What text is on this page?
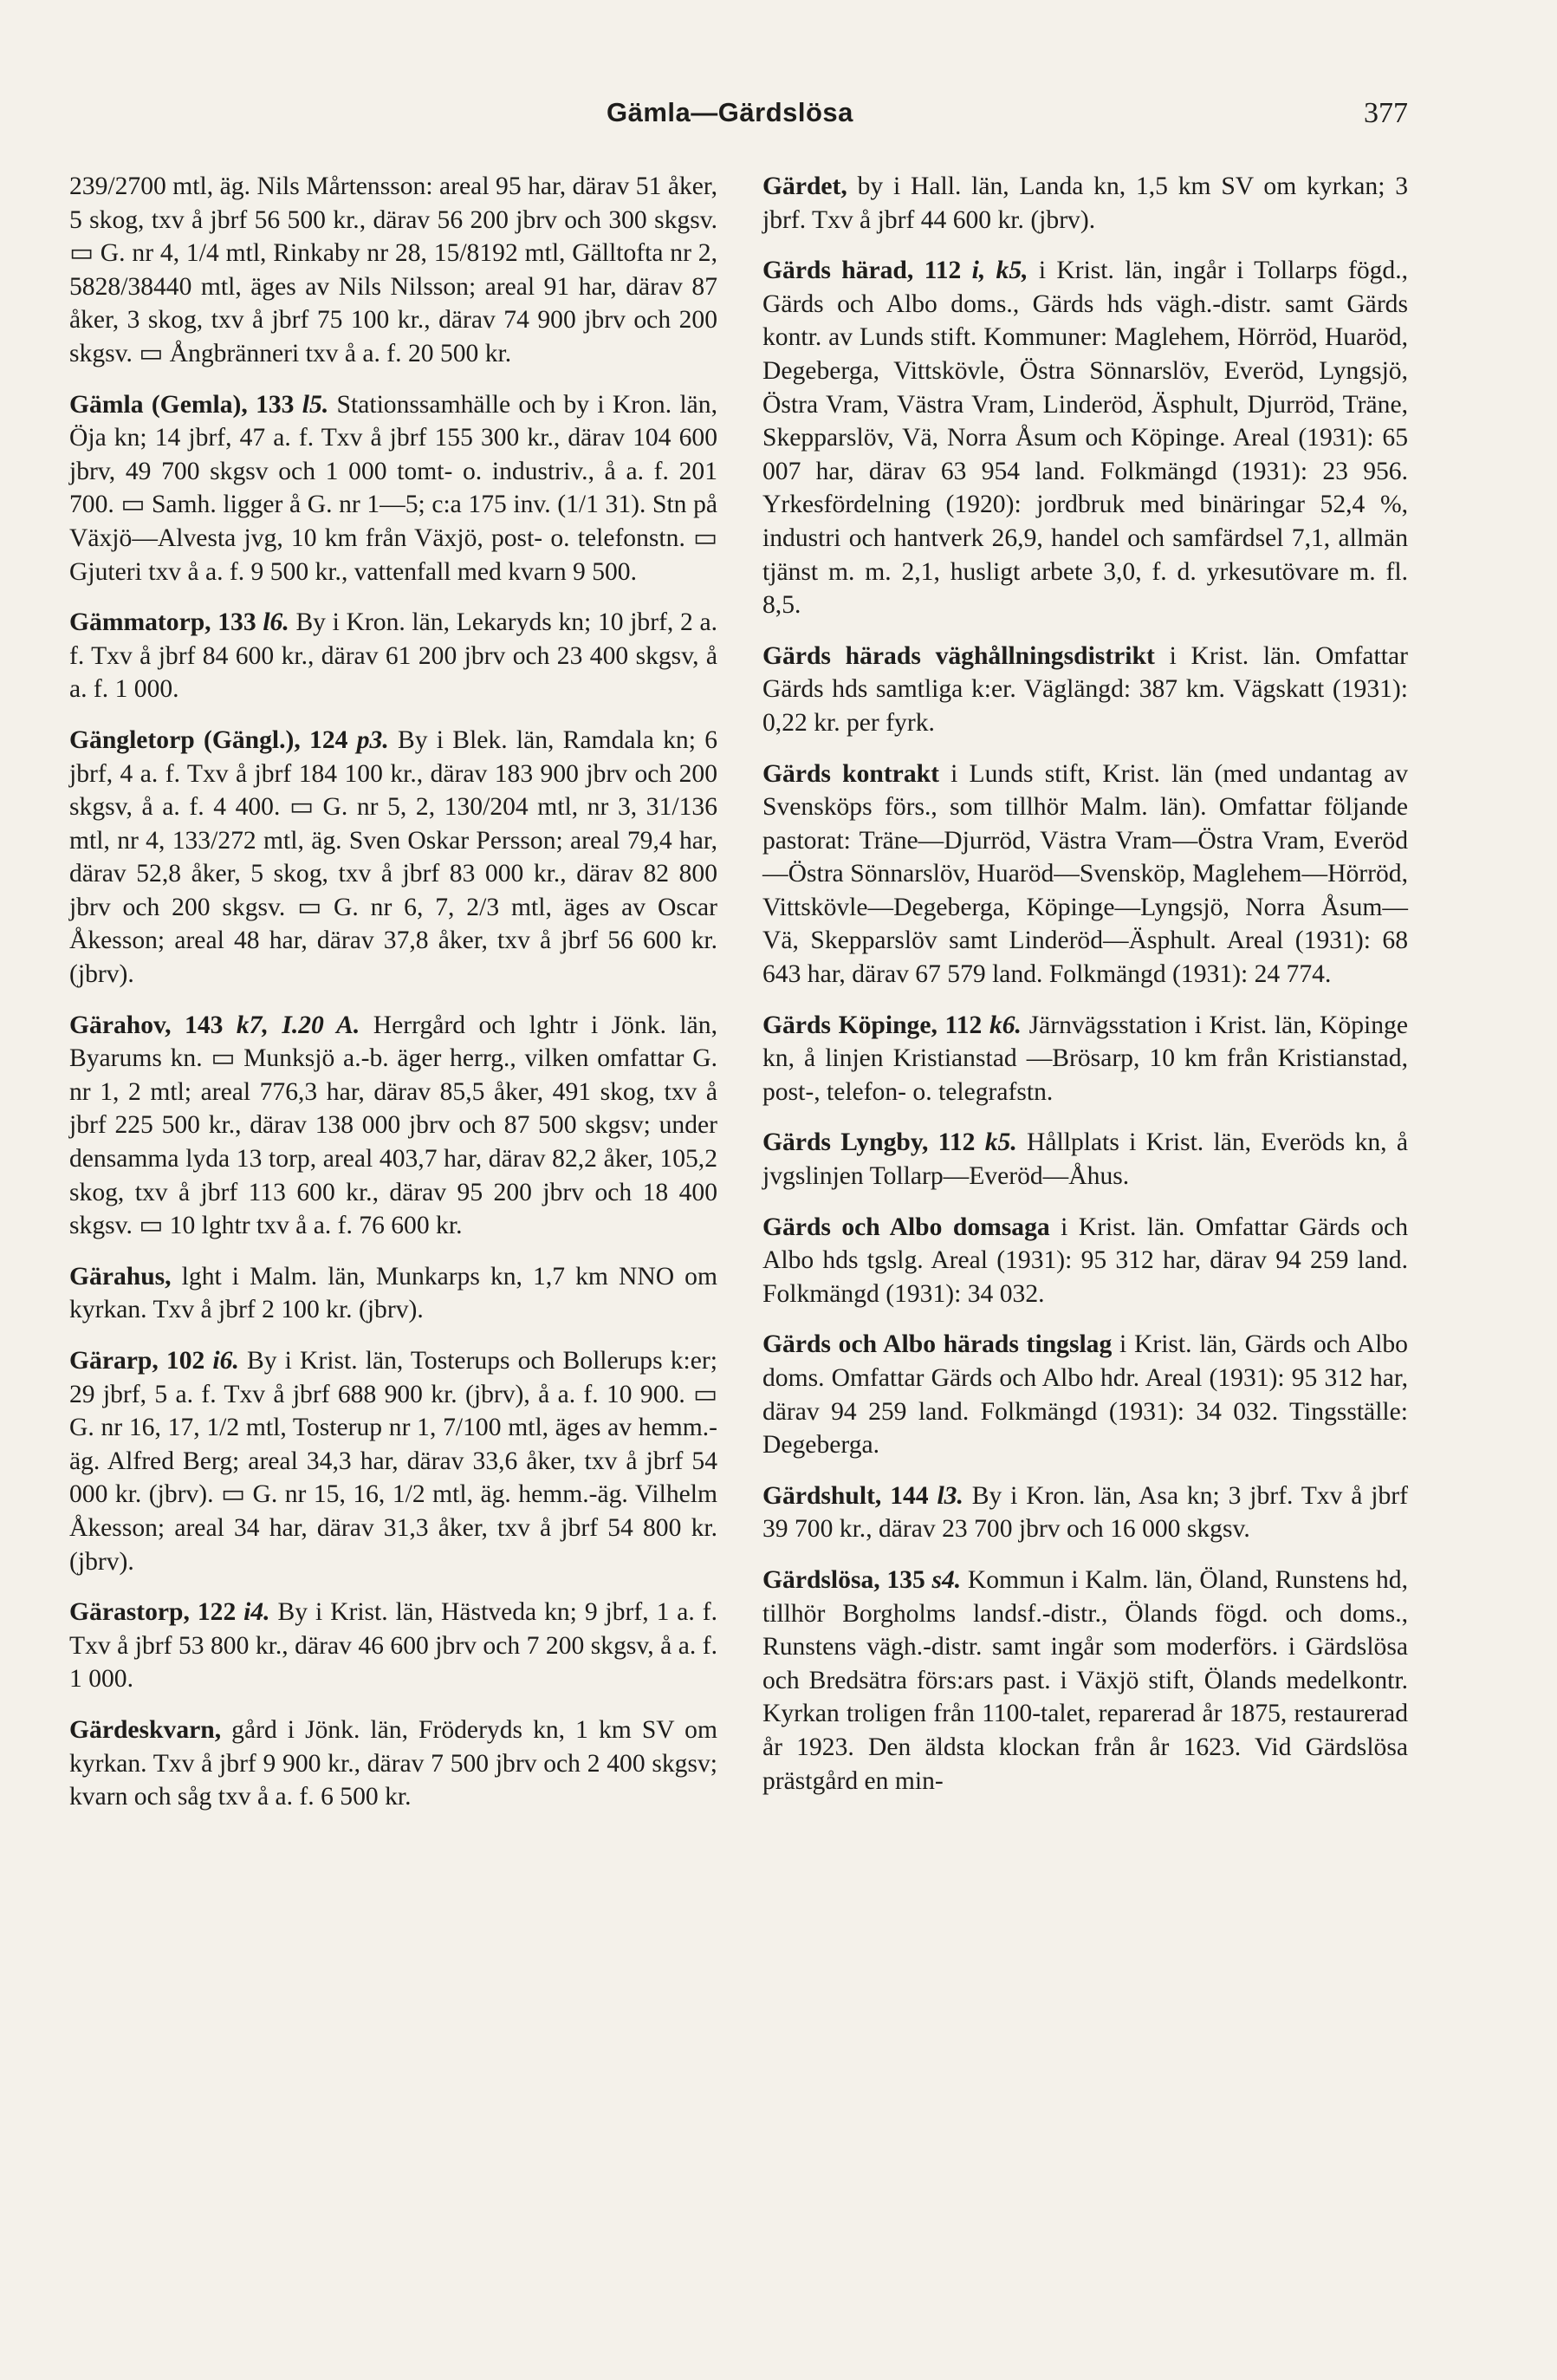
Gämla—Gärdslösa	377

239/2700 mtl, äg. Nils Mårtensson: areal 95 har, därav 51 åker, 5 skog, txv å jbrf 56 500 kr., därav 56 200 jbrv och 300 skgsv. ▭ G. nr 4, 1/4 mtl, Rinkaby nr 28, 15/8192 mtl, Gälltofta nr 2, 5828/38440 mtl, äges av Nils Nilsson; areal 91 har, därav 87 åker, 3 skog, txv å jbrf 75 100 kr., därav 74 900 jbrv och 200 skgsv. ▭ Ångbränneri txv å a. f. 20 500 kr.

Gämla (Gemla), 133 l5. Stationssamhälle och by i Kron. län, Öja kn; 14 jbrf, 47 a. f. Txv å jbrf 155 300 kr., därav 104 600 jbrv, 49 700 skgsv och 1 000 tomt- o. industriv., å a. f. 201 700. ▭ Samh. ligger å G. nr 1—5; c:a 175 inv. (1/1 31). Stn på Växjö—Alvesta jvg, 10 km från Växjö, post- o. telefonstn. ▭ Gjuteri txv å a. f. 9 500 kr., vattenfall med kvarn 9 500.

Gämmatorp, 133 l6. By i Kron. län, Lekaryds kn; 10 jbrf, 2 a. f. Txv å jbrf 84 600 kr., därav 61 200 jbrv och 23 400 skgsv, å a. f. 1 000.

Gängletorp (Gängl.), 124 p3. By i Blek. län, Ramdala kn; 6 jbrf, 4 a. f. Txv å jbrf 184 100 kr., därav 183 900 jbrv och 200 skgsv, å a. f. 4 400. ▭ G. nr 5, 2, 130/204 mtl, nr 3, 31/136 mtl, nr 4, 133/272 mtl, äg. Sven Oskar Persson; areal 79,4 har, därav 52,8 åker, 5 skog, txv å jbrf 83 000 kr., därav 82 800 jbrv och 200 skgsv. ▭ G. nr 6, 7, 2/3 mtl, äges av Oscar Åkesson; areal 48 har, därav 37,8 åker, txv å jbrf 56 600 kr. (jbrv).

Gärahov, 143 k7, I.20 A. Herrgård och lghtr i Jönk. län, Byarums kn. ▭ Munksjö a.-b. äger herrg., vilken omfattar G. nr 1, 2 mtl; areal 776,3 har, därav 85,5 åker, 491 skog, txv å jbrf 225 500 kr., därav 138 000 jbrv och 87 500 skgsv; under densamma lyda 13 torp, areal 403,7 har, därav 82,2 åker, 105,2 skog, txv å jbrf 113 600 kr., därav 95 200 jbrv och 18 400 skgsv. ▭ 10 lghtr txv å a. f. 76 600 kr.

Gärahus, lght i Malm. län, Munkarps kn, 1,7 km NNO om kyrkan. Txv å jbrf 2 100 kr. (jbrv).

Gärarp, 102 i6. By i Krist. län, Tosterups och Bollerups k:er; 29 jbrf, 5 a. f. Txv å jbrf 688 900 kr. (jbrv), å a. f. 10 900. ▭ G. nr 16, 17, 1/2 mtl, Tosterup nr 1, 7/100 mtl, äges av hemm.-äg. Alfred Berg; areal 34,3 har, därav 33,6 åker, txv å jbrf 54 000 kr. (jbrv). ▭ G. nr 15, 16, 1/2 mtl, äg. hemm.-äg. Vilhelm Åkesson; areal 34 har, därav 31,3 åker, txv å jbrf 54 800 kr. (jbrv).

Gärastorp, 122 i4. By i Krist. län, Hästveda kn; 9 jbrf, 1 a. f. Txv å jbrf 53 800 kr., därav 46 600 jbrv och 7 200 skgsv, å a. f. 1 000.

Gärdeskvarn, gård i Jönk. län, Fröderyds kn, 1 km SV om kyrkan. Txv å jbrf 9 900 kr., därav 7 500 jbrv och 2 400 skgsv; kvarn och såg txv å a. f. 6 500 kr.

Gärdet, by i Hall. län, Landa kn, 1,5 km SV om kyrkan; 3 jbrf. Txv å jbrf 44 600 kr. (jbrv).

Gärds härad, 112 i, k5, i Krist. län, ingår i Tollarps fögd., Gärds och Albo doms., Gärds hds vägh.-distr. samt Gärds kontr. av Lunds stift. Kommuner: Maglehem, Hörröd, Huaröd, Degeberga, Vittskövle, Östra Sönnarslöv, Everöd, Lyngsjö, Östra Vram, Västra Vram, Linderöd, Äsphult, Djurröd, Träne, Skepparslöv, Vä, Norra Åsum och Köpinge. Areal (1931): 65 007 har, därav 63 954 land. Folkmängd (1931): 23 956. Yrkesfördelning (1920): jordbruk med binäringar 52,4 %, industri och hantverk 26,9, handel och samfärdsel 7,1, allmän tjänst m. m. 2,1, husligt arbete 3,0, f. d. yrkesutövare m. fl. 8,5.

Gärds härads väghållningsdistrikt i Krist. län. Omfattar Gärds hds samtliga k:er. Väglängd: 387 km. Vägskatt (1931): 0,22 kr. per fyrk.

Gärds kontrakt i Lunds stift, Krist. län (med undantag av Svensköps förs., som tillhör Malm. län). Omfattar följande pastorat: Träne—Djurröd, Västra Vram—Östra Vram, Everöd—Östra Sönnarslöv, Huaröd—Svensköp, Maglehem—Hörröd, Vittskövle—Degeberga, Köpinge—Lyngsjö, Norra Åsum—Vä, Skepparslöv samt Linderöd—Äsphult. Areal (1931): 68 643 har, därav 67 579 land. Folkmängd (1931): 24 774.

Gärds Köpinge, 112 k6. Järnvägsstation i Krist. län, Köpinge kn, å linjen Kristianstad —Brösarp, 10 km från Kristianstad, post-, telefon- o. telegrafstn.

Gärds Lyngby, 112 k5. Hållplats i Krist. län, Everöds kn, å jvgslinjen Tollarp—Everöd—Åhus.

Gärds och Albo domsaga i Krist. län. Omfattar Gärds och Albo hds tgslg. Areal (1931): 95 312 har, därav 94 259 land. Folkmängd (1931): 34 032.

Gärds och Albo härads tingslag i Krist. län, Gärds och Albo doms. Omfattar Gärds och Albo hdr. Areal (1931): 95 312 har, därav 94 259 land. Folkmängd (1931): 34 032. Tingsställe: Degeberga.

Gärdshult, 144 l3. By i Kron. län, Asa kn; 3 jbrf. Txv å jbrf 39 700 kr., därav 23 700 jbrv och 16 000 skgsv.

Gärdslösa, 135 s4. Kommun i Kalm. län, Öland, Runstens hd, tillhör Borgholms landsf.-distr., Ölands fögd. och doms., Runstens vägh.-distr. samt ingår som moderförs. i Gärdslösa och Bredsätra förs:ars past. i Växjö stift, Ölands medelkontr. Kyrkan troligen från 1100-talet, reparerad år 1875, restaurerad år 1923. Den äldsta klockan från år 1623. Vid Gärdslösa prästgård en min-
